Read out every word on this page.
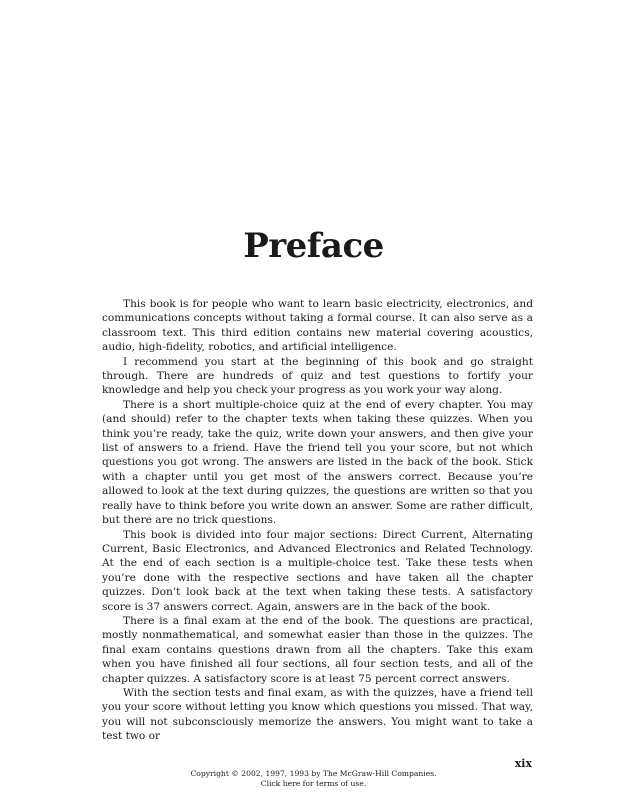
Preface

This book is for people who want to learn basic electricity, electronics, and communications concepts without taking a formal course. It can also serve as a classroom text. This third edition contains new material covering acoustics, audio, high-fidelity, robotics, and artificial intelligence.

I recommend you start at the beginning of this book and go straight through. There are hundreds of quiz and test questions to fortify your knowledge and help you check your progress as you work your way along.

There is a short multiple-choice quiz at the end of every chapter. You may (and should) refer to the chapter texts when taking these quizzes. When you think you’re ready, take the quiz, write down your answers, and then give your list of answers to a friend. Have the friend tell you your score, but not which questions you got wrong. The answers are listed in the back of the book. Stick with a chapter until you get most of the answers correct. Because you’re allowed to look at the text during quizzes, the questions are written so that you really have to think before you write down an answer. Some are rather difficult, but there are no trick questions.

This book is divided into four major sections: Direct Current, Alternating Current, Basic Electronics, and Advanced Electronics and Related Technology. At the end of each section is a multiple-choice test. Take these tests when you’re done with the respective sections and have taken all the chapter quizzes. Don’t look back at the text when taking these tests. A satisfactory score is 37 answers correct. Again, answers are in the back of the book.

There is a final exam at the end of the book. The questions are practical, mostly nonmathematical, and somewhat easier than those in the quizzes. The final exam contains questions drawn from all the chapters. Take this exam when you have finished all four sections, all four section tests, and all of the chapter quizzes. A satisfactory score is at least 75 percent correct answers.

With the section tests and final exam, as with the quizzes, have a friend tell you your score without letting you know which questions you missed. That way, you will not subconsciously memorize the answers. You might want to take a test two or

xix
Copyright © 2002, 1997, 1993 by The McGraw-Hill Companies.
Click here for terms of use.
